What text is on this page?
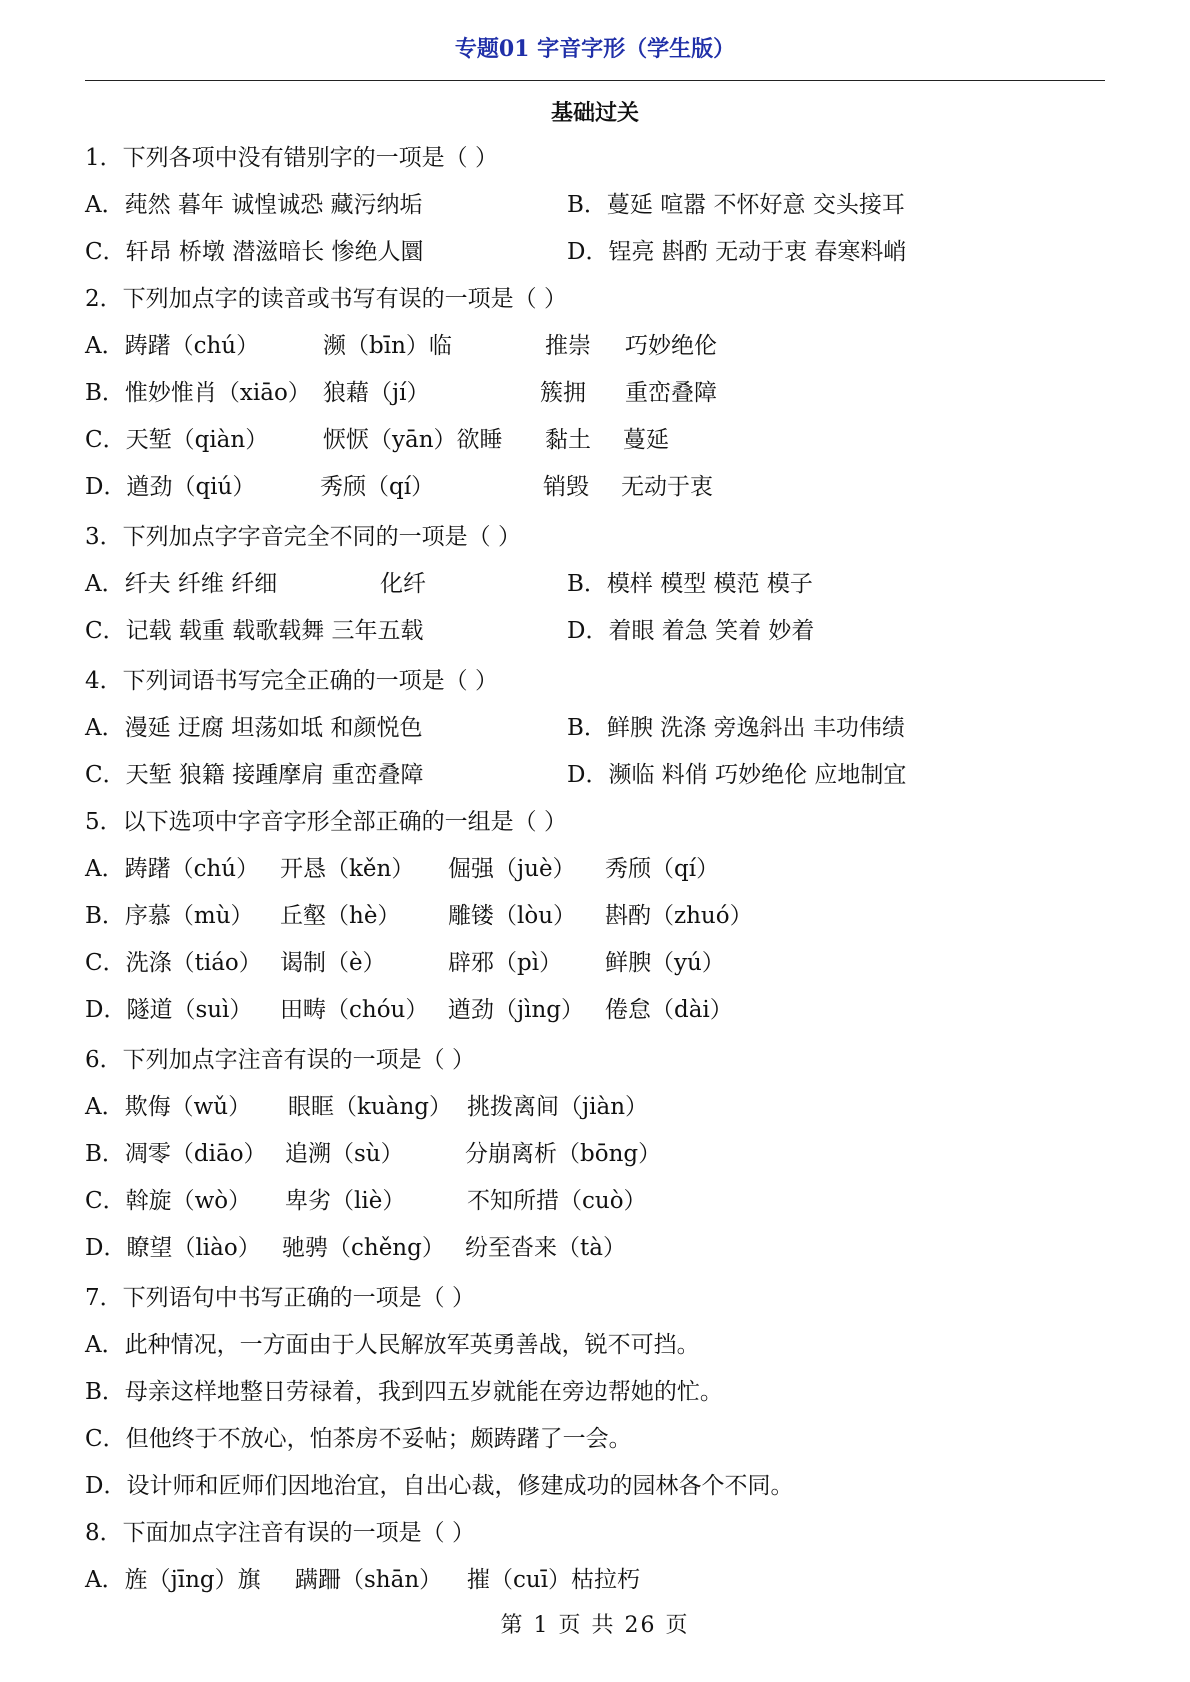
专题01 字音字形（学生版）
基础过关
1．下列各项中没有错别字的一项是（ ）
A．莼然 暮年 诚惶诚恐 藏污纳垢	B．蔓延 喧嚣 不怀好意 交头接耳
C．轩昂 桥墩 潜滋暗长 惨绝人圜	D．锃亮 斟酌 无动于衷 春寒料峭
2．下列加点字的读音或书写有误的一项是（ ）
A．踌躇（chú）	濒（bīn）临	推崇 巧妙绝伦
B．惟妙惟肖（xiāo） 狼藉（jí）	簇拥 重峦叠障
C．天堑（qiàn） 恹恹（yān）欲睡 黏土 蔓延
D．遒劲（qiú）	秀颀（qí）	销毁 无动于衷
3．下列加点字字音完全不同的一项是（ ）
A．纤夫 纤维 纤细	化纤	B．模样 模型 模范 模子
C．记载 载重 载歌载舞 三年五载	D．着眼 着急 笑着 妙着
4．下列词语书写完全正确的一项是（ ）
A．漫延 迂腐 坦荡如坻 和颜悦色	B．鲜腴 洗涤 旁逸斜出 丰功伟绩
C．天堑 狼籍 接踵摩肩 重峦叠障	D．濒临 料俏 巧妙绝伦 应地制宜
5．以下选项中字音字形全部正确的一组是（ ）
A．踌躇（chú） 开恳（kěn） 倔强（juè） 秀颀（qí）
B．序慕（mù） 丘壑（hè） 雕镂（lòu） 斟酌（zhuó）
C．洗涤（tiáo） 谒制（è）	辟邪（pì） 鲜腴（yú）
D．隧道（suì） 田畴（chóu） 遒劲（jìng） 倦怠（dài）
6．下列加点字注音有误的一项是（ ）
A．欺侮（wǔ） 眼眶（kuàng） 挑拨离间（jiàn）
B．凋零（diāo） 追溯（sù）	分崩离析（bōng）
C．斡旋（wò） 卑劣（liè）	不知所措（cuò）
D．瞭望（liào） 驰骋（chěng） 纷至沓来（tà）
7．下列语句中书写正确的一项是（ ）
A．此种情况，一方面由于人民解放军英勇善战，锐不可挡。
B．母亲这样地整日劳禄着，我到四五岁就能在旁边帮她的忙。
C．但他终于不放心，怕茶房不妥帖；颇踌躇了一会。
D．设计师和匠师们因地治宜，自出心裁，修建成功的园林各个不同。
8．下面加点字注音有误的一项是（ ）
A．旌（jīng）旗 蹒跚（shān） 摧（cuī）枯拉朽
第 1 页 共 26 页
